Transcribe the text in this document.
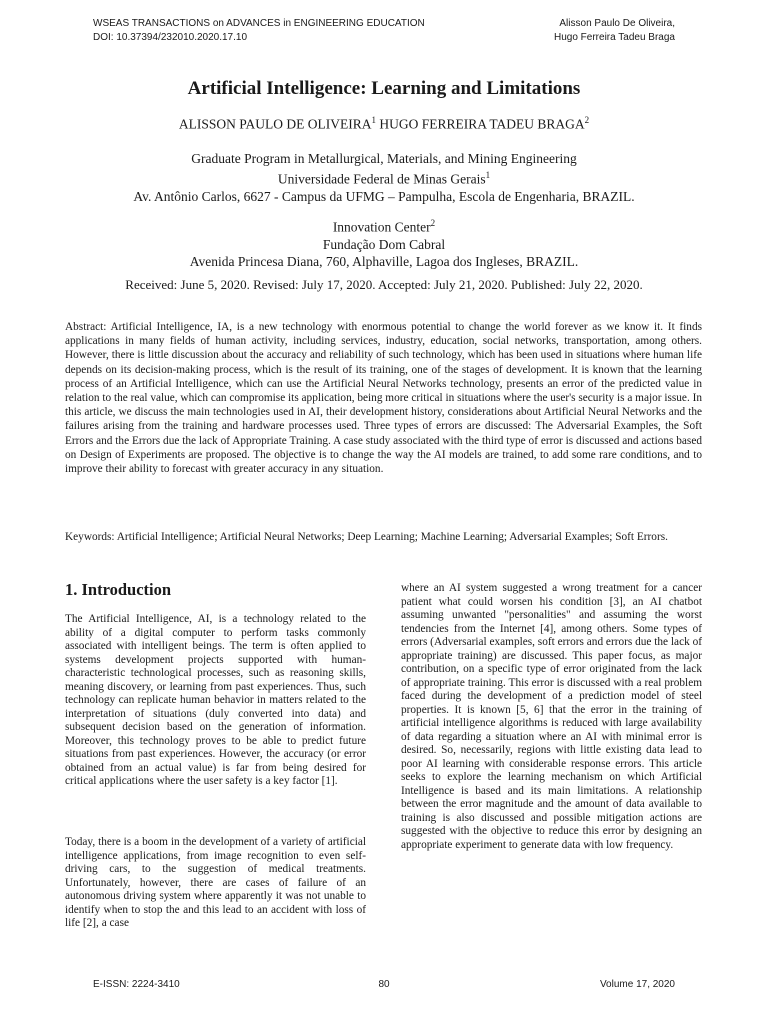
WSEAS TRANSACTIONS on ADVANCES in ENGINEERING EDUCATION
DOI: 10.37394/232010.2020.17.10
Alisson Paulo De Oliveira,
Hugo Ferreira Tadeu Braga
Artificial Intelligence: Learning and Limitations
ALISSON PAULO DE OLIVEIRA$^1$ HUGO FERREIRA TADEU BRAGA$^2$
Graduate Program in Metallurgical, Materials, and Mining Engineering
Universidade Federal de Minas Gerais$^1$
Av. Antônio Carlos, 6627 - Campus da UFMG – Pampulha, Escola de Engenharia, BRAZIL.
Innovation Center$^2$
Fundação Dom Cabral
Avenida Princesa Diana, 760, Alphaville, Lagoa dos Ingleses, BRAZIL.
Received: June 5, 2020. Revised: July 17, 2020. Accepted: July 21, 2020. Published: July 22, 2020.

Abstract: Artificial Intelligence, IA, is a new technology with enormous potential to change the world forever as we know it. It finds applications in many fields of human activity, including services, industry, education, social networks, transportation, among others. However, there is little discussion about the accuracy and reliability of such technology, which has been used in situations where human life depends on its decision-making process, which is the result of its training, one of the stages of development. It is known that the learning process of an Artificial Intelligence, which can use the Artificial Neural Networks technology, presents an error of the predicted value in relation to the real value, which can compromise its application, being more critical in situations where the user's security is a major issue. In this article, we discuss the main technologies used in AI, their development history, considerations about Artificial Neural Networks and the failures arising from the training and hardware processes used. Three types of errors are discussed: The Adversarial Examples, the Soft Errors and the Errors due the lack of Appropriate Training. A case study associated with the third type of error is discussed and actions based on Design of Experiments are proposed. The objective is to change the way the AI models are trained, to add some rare conditions, and to improve their ability to forecast with greater accuracy in any situation.

Keywords: Artificial Intelligence; Artificial Neural Networks; Deep Learning; Machine Learning; Adversarial Examples; Soft Errors.

1. Introduction

The Artificial Intelligence, AI, is a technology related to the ability of a digital computer to perform tasks commonly associated with intelligent beings. The term is often applied to systems development projects supported with human-characteristic technological processes, such as reasoning skills, meaning discovery, or learning from past experiences. Thus, such technology can replicate human behavior in matters related to the interpretation of situations (duly converted into data) and subsequent decision based on the generation of information. Moreover, this technology proves to be able to predict future situations from past experiences. However, the accuracy (or error obtained from an actual value) is far from being desired for critical applications where the user safety is a key factor [1].

Today, there is a boom in the development of a variety of artificial intelligence applications, from image recognition to even self-driving cars, to the suggestion of medical treatments. Unfortunately, however, there are cases of failure of an autonomous driving system where apparently it was not unable to identify when to stop the and this lead to an accident with loss of life [2], a case

where an AI system suggested a wrong treatment for a cancer patient what could worsen his condition [3], an AI chatbot assuming unwanted "personalities" and assuming the worst tendencies from the Internet [4], among others. Some types of errors (Adversarial examples, soft errors and errors due the lack of appropriate training) are discussed. This paper focus, as major contribution, on a specific type of error originated from the lack of appropriate training. This error is discussed with a real problem faced during the development of a prediction model of steel properties. It is known [5, 6] that the error in the training of artificial intelligence algorithms is reduced with large availability of data regarding a situation where an AI with minimal error is desired. So, necessarily, regions with little existing data lead to poor AI learning with considerable response errors. This article seeks to explore the learning mechanism on which Artificial Intelligence is based and its main limitations. A relationship between the error magnitude and the amount of data available to training is also discussed and possible mitigation actions are suggested with the objective to reduce this error by designing an appropriate experiment to generate data with low frequency.

E-ISSN: 2224-3410	80	Volume 17, 2020
